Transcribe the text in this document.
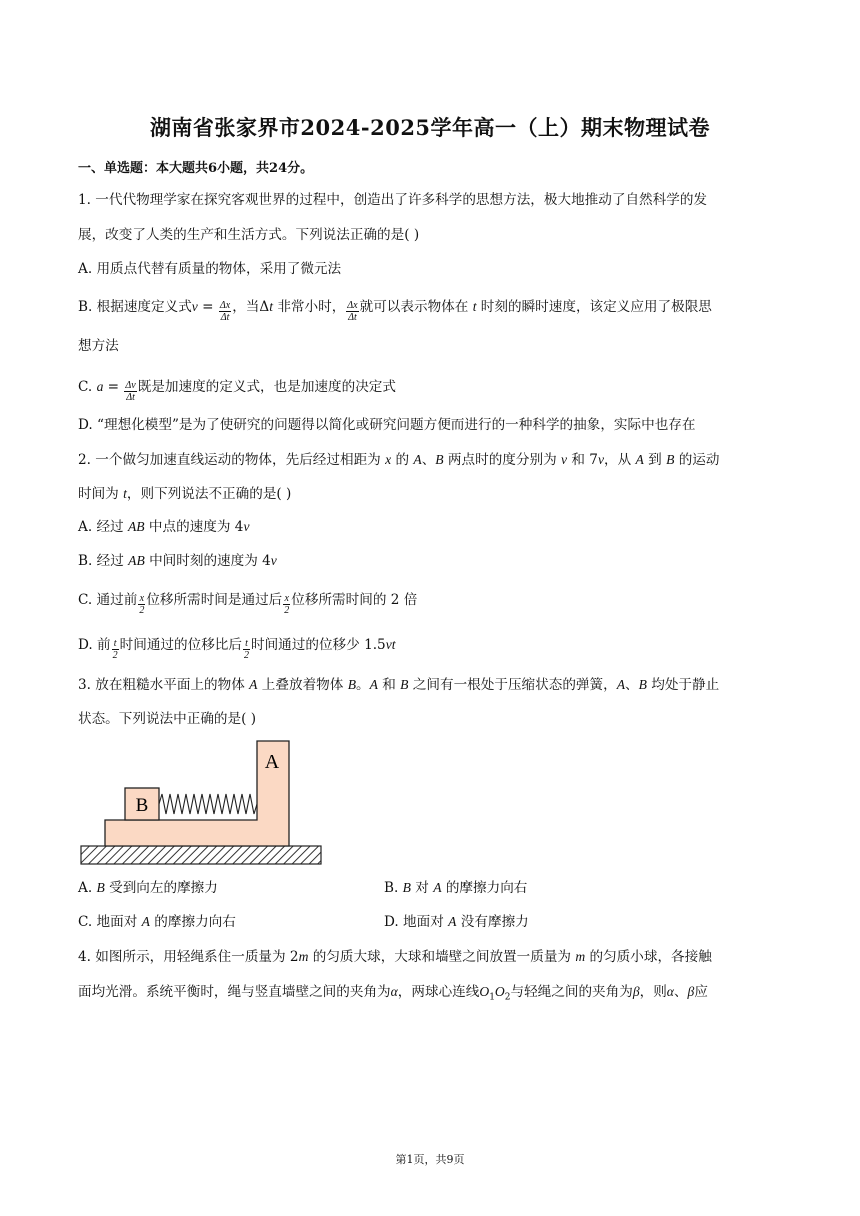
湖南省张家界市2024-2025学年高一（上）期末物理试卷
一、单选题：本大题共6小题，共24分。
1. 一代代物理学家在探究客观世界的过程中，创造出了许多科学的思想方法，极大地推动了自然科学的发
展，改变了人类的生产和生活方式。下列说法正确的是( )
A. 用质点代替有质量的物体，采用了微元法
B. 根据速度定义式$v = \frac{\Delta x}{\Delta t}$ ，当Δt 非常小时， $\frac{\Delta x}{\Delta t}$ 就可以表示物体在 t 时刻的瞬时速度，该定义应用了极限思
想方法
C. $a = \frac{\Delta v}{\Delta t}$ 既是加速度的定义式，也是加速度的决定式
D. “理想化模型”是为了使研究的问题得以简化或研究问题方便而进行的一种科学的抽象，实际中也存在
2. 一个做匀加速直线运动的物体，先后经过相距为 x 的 A、B 两点时的度分别为 v 和 7v，从 A 到 B 的运动
时间为 t，则下列说法不正确的是( )
A. 经过 AB 中点的速度为 4v
B. 经过 AB 中间时刻的速度为 4v
C. 通过前 $\frac{x}{2}$ 位移所需时间是通过后 $\frac{x}{2}$ 位移所需时间的 2 倍
D. 前 $\frac{t}{2}$ 时间通过的位移比后 $\frac{t}{2}$ 时间通过的位移少 1.5vt
3. 放在粗糙水平面上的物体 A 上叠放着物体 B。A 和 B 之间有一根处于压缩状态的弹簧，A、B 均处于静止
状态。下列说法中正确的是( )
A
B
A. B 受到向左的摩擦力	B. B 对 A 的摩擦力向右
C. 地面对 A 的摩擦力向右	D. 地面对 A 没有摩擦力
4. 如图所示，用轻绳系住一质量为 2m 的匀质大球，大球和墙壁之间放置一质量为 m 的匀质小球，各接触
面均光滑。系统平衡时，绳与竖直墙壁之间的夹角为α，两球心连线$O_1O_2$与轻绳之间的夹角为β，则α、β应
第1页，共9页
